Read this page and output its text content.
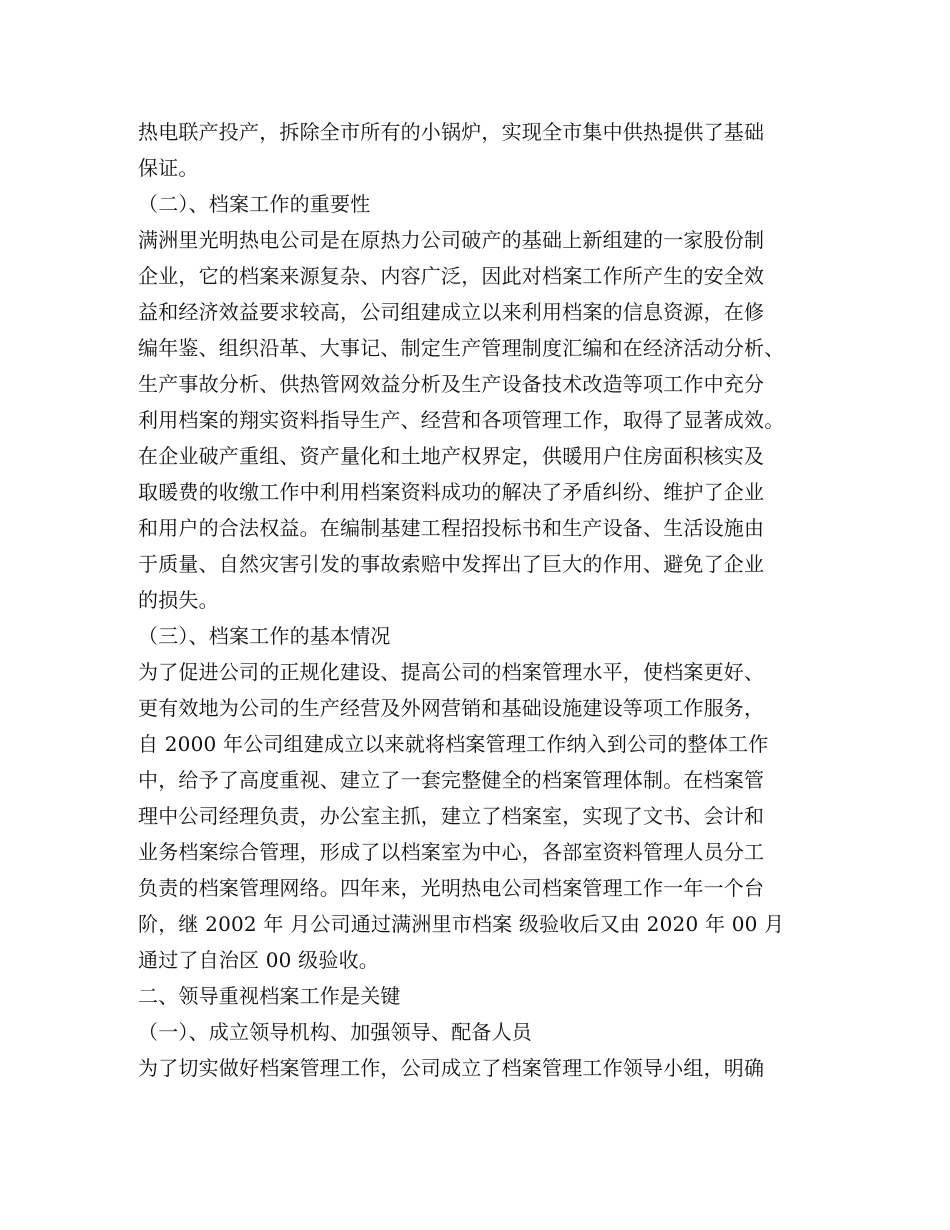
热电联产投产，拆除全市所有的小锅炉，实现全市集中供热提供了基础
保证。
（二）、档案工作的重要性
满洲里光明热电公司是在原热力公司破产的基础上新组建的一家股份制
企业，它的档案来源复杂、内容广泛，因此对档案工作所产生的安全效
益和经济效益要求较高，公司组建成立以来利用档案的信息资源，在修
编年鉴、组织沿革、大事记、制定生产管理制度汇编和在经济活动分析、
生产事故分析、供热管网效益分析及生产设备技术改造等项工作中充分
利用档案的翔实资料指导生产、经营和各项管理工作，取得了显著成效。
在企业破产重组、资产量化和土地产权界定，供暖用户住房面积核实及
取暖费的收缴工作中利用档案资料成功的解决了矛盾纠纷、维护了企业
和用户的合法权益。在编制基建工程招投标书和生产设备、生活设施由
于质量、自然灾害引发的事故索赔中发挥出了巨大的作用、避免了企业
的损失。
（三）、档案工作的基本情况
为了促进公司的正规化建设、提高公司的档案管理水平，使档案更好、
更有效地为公司的生产经营及外网营销和基础设施建设等项工作服务，
自 2000 年公司组建成立以来就将档案管理工作纳入到公司的整体工作
中，给予了高度重视、建立了一套完整健全的档案管理体制。在档案管
理中公司经理负责，办公室主抓，建立了档案室，实现了文书、会计和
业务档案综合管理，形成了以档案室为中心，各部室资料管理人员分工
负责的档案管理网络。四年来，光明热电公司档案管理工作一年一个台
阶，继 2002 年 月公司通过满洲里市档案 级验收后又由 2020 年 00 月
通过了自治区 00 级验收。
二、领导重视档案工作是关键
（一）、成立领导机构、加强领导、配备人员
为了切实做好档案管理工作，公司成立了档案管理工作领导小组，明确
